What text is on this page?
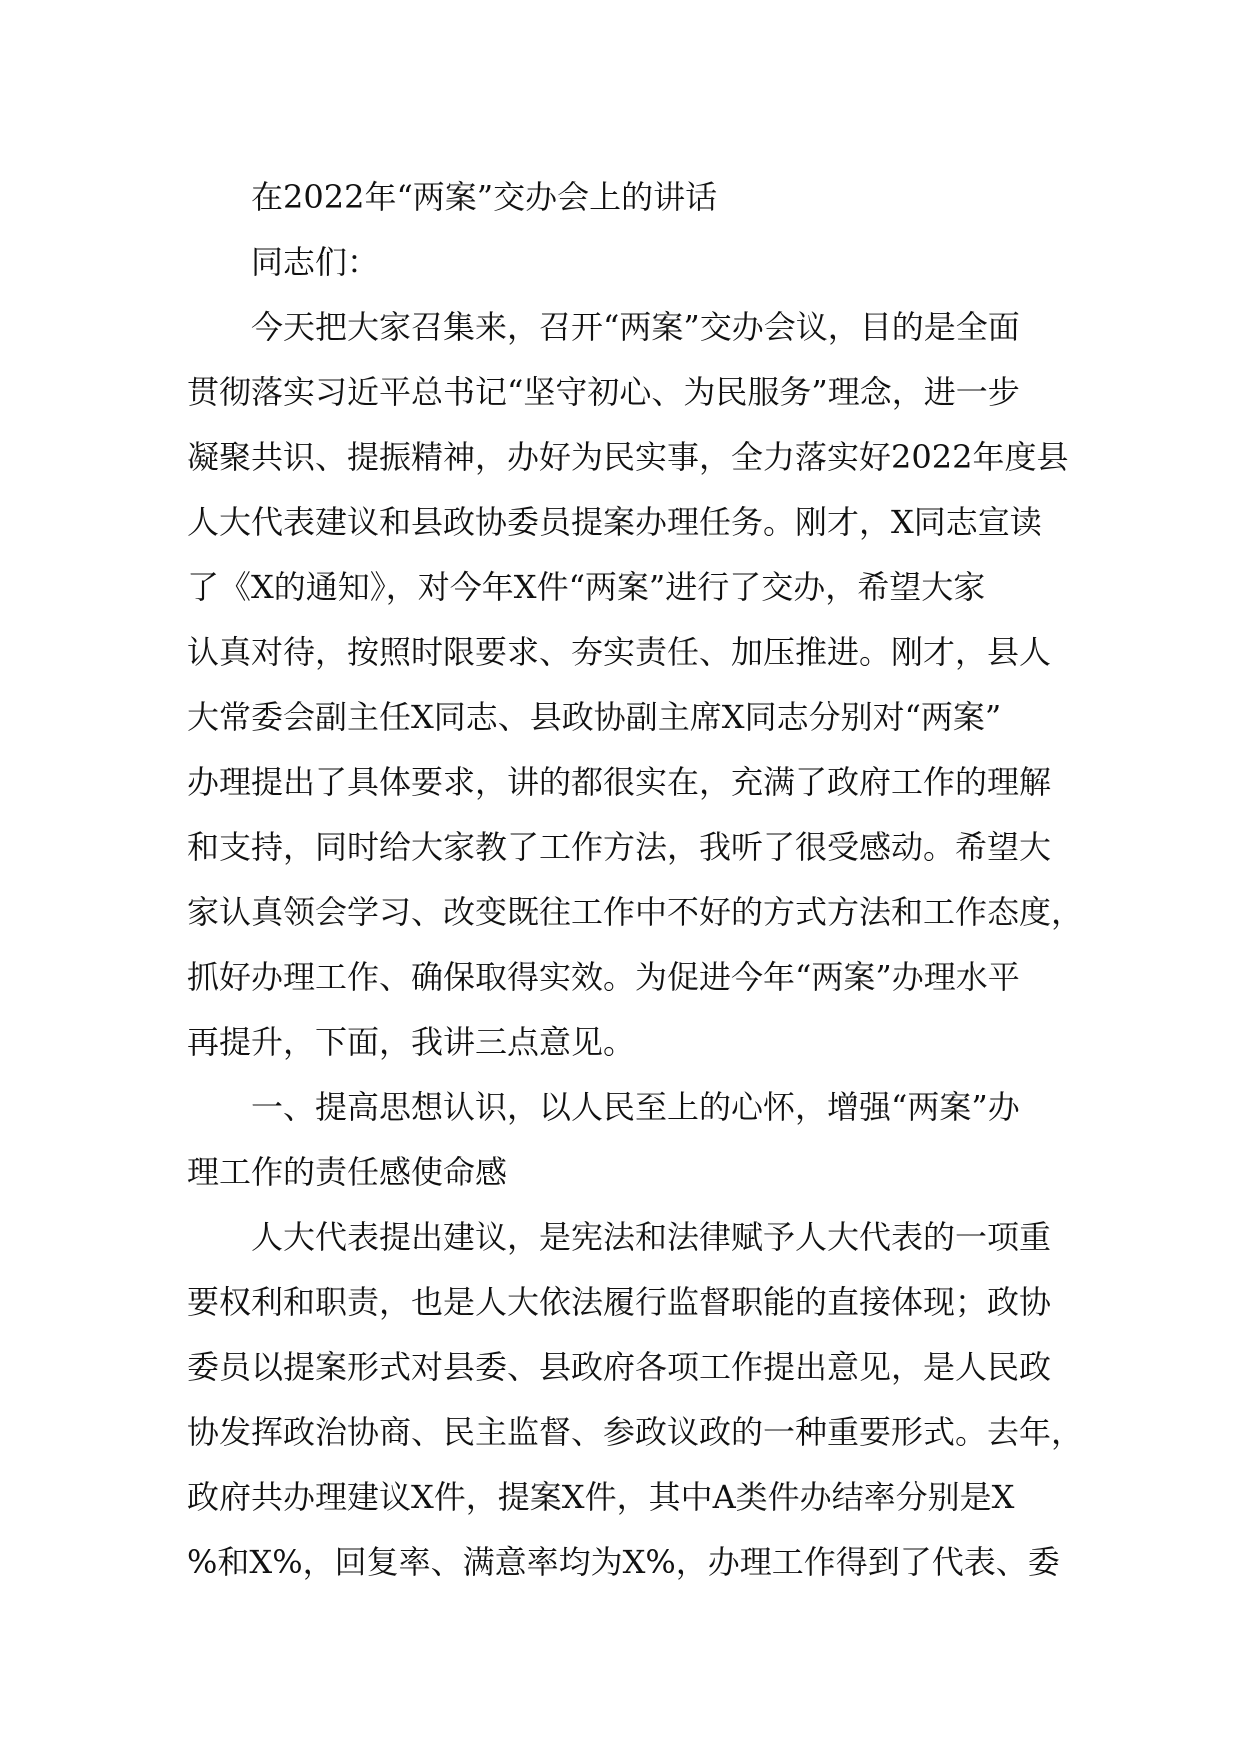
在2022年“两案”交办会上的讲话
同志们：
今天把大家召集来，召开“两案”交办会议，目的是全面
贯彻落实习近平总书记“坚守初心、为民服务”理念，进一步
凝聚共识、提振精神，办好为民实事，全力落实好2022年度县
人大代表建议和县政协委员提案办理任务。刚才，X同志宣读
了《X的通知》，对今年X件“两案”进行了交办，希望大家
认真对待，按照时限要求、夯实责任、加压推进。刚才，县人
大常委会副主任X同志、县政协副主席X同志分别对“两案”
办理提出了具体要求，讲的都很实在，充满了政府工作的理解
和支持，同时给大家教了工作方法，我听了很受感动。希望大
家认真领会学习、改变既往工作中不好的方式方法和工作态度，
抓好办理工作、确保取得实效。为促进今年“两案”办理水平
再提升，下面，我讲三点意见。
一、提高思想认识，以人民至上的心怀，增强“两案”办
理工作的责任感使命感
人大代表提出建议，是宪法和法律赋予人大代表的一项重
要权利和职责，也是人大依法履行监督职能的直接体现；政协
委员以提案形式对县委、县政府各项工作提出意见，是人民政
协发挥政治协商、民主监督、参政议政的一种重要形式。去年，
政府共办理建议X件，提案X件，其中A类件办结率分别是X
%和X%，回复率、满意率均为X%，办理工作得到了代表、委
